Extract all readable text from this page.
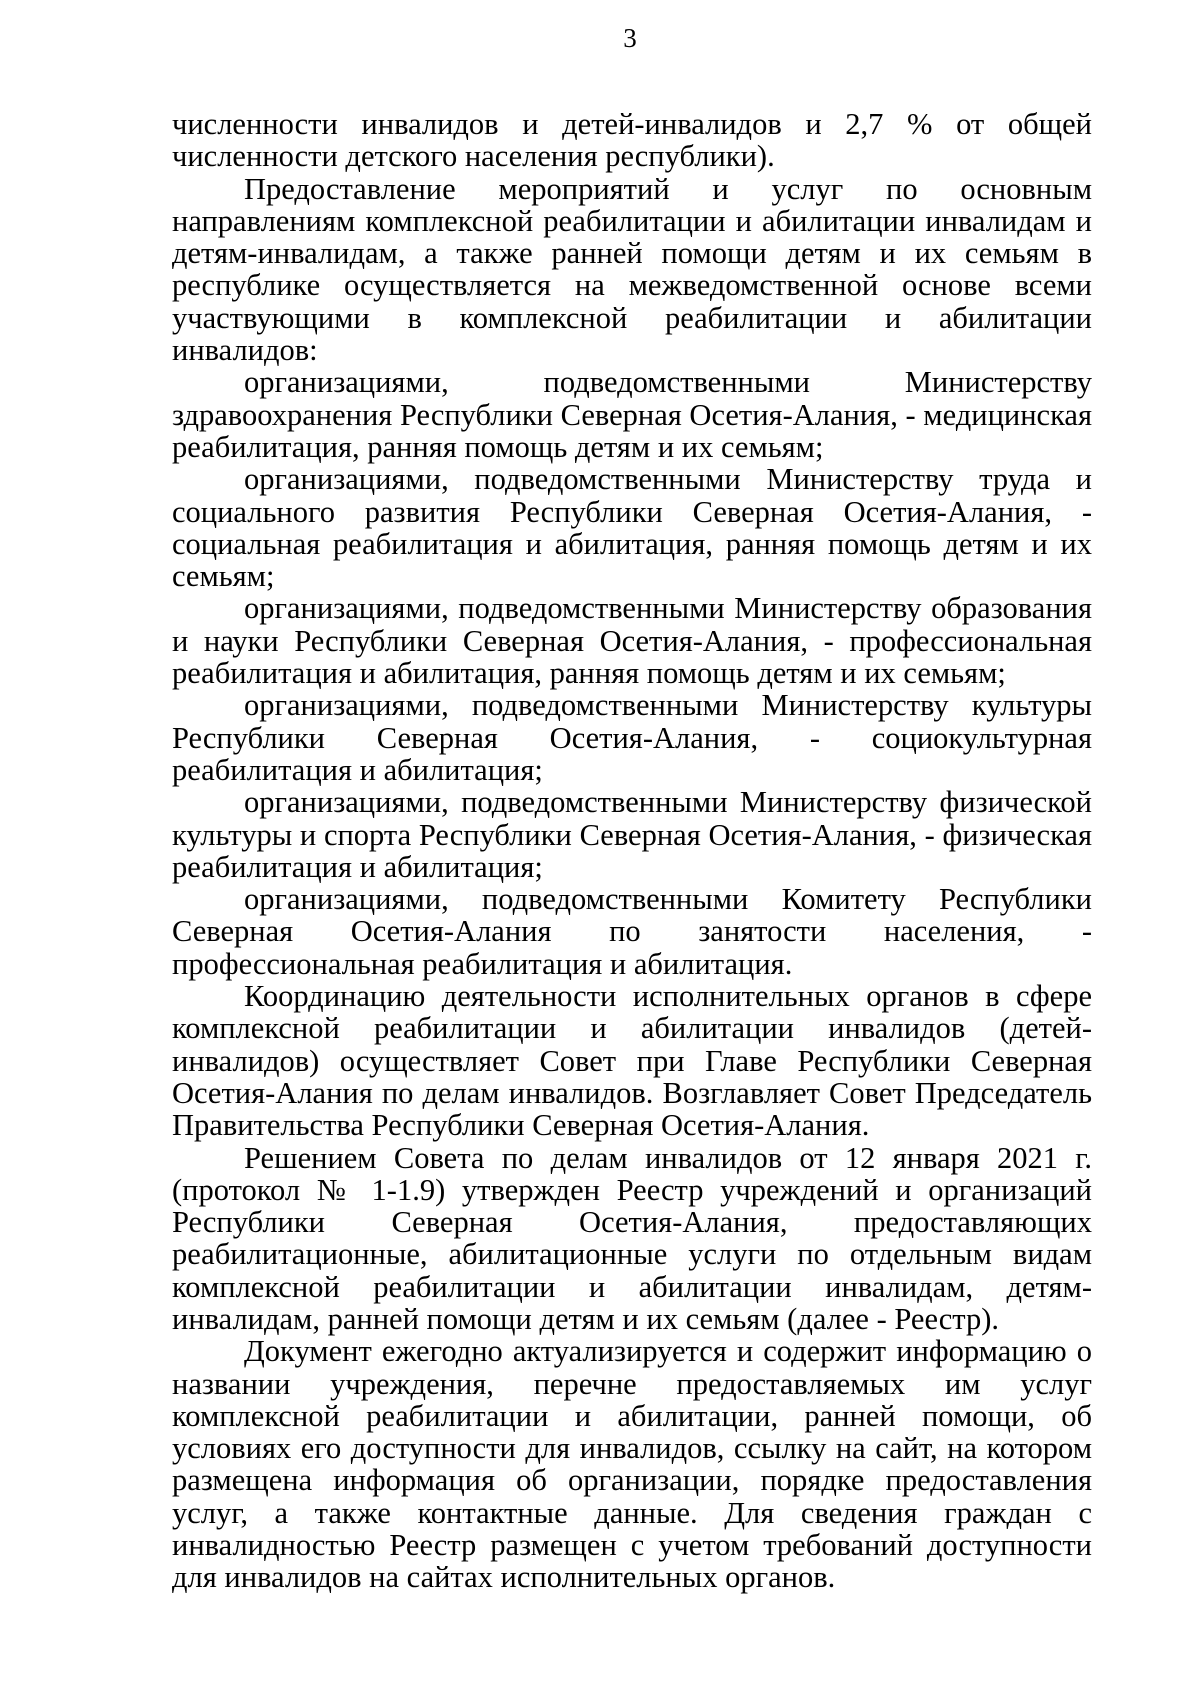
3

численности инвалидов и детей-инвалидов и 2,7 % от общей численности детского населения республики).

Предоставление мероприятий и услуг по основным направлениям комплексной реабилитации и абилитации инвалидам и детям-инвалидам, а также ранней помощи детям и их семьям в республике осуществляется на межведомственной основе всеми участвующими в комплексной реабилитации и абилитации инвалидов:

организациями, подведомственными Министерству здравоохранения Республики Северная Осетия-Алания, - медицинская реабилитация, ранняя помощь детям и их семьям;

организациями, подведомственными Министерству труда и социального развития Республики Северная Осетия-Алания, - социальная реабилитация и абилитация, ранняя помощь детям и их семьям;

организациями, подведомственными Министерству образования и науки Республики Северная Осетия-Алания, - профессиональная реабилитация и абилитация, ранняя помощь детям и их семьям;

организациями, подведомственными Министерству культуры Республики Северная Осетия-Алания, - социокультурная реабилитация и абилитация;

организациями, подведомственными Министерству физической культуры и спорта Республики Северная Осетия-Алания, - физическая реабилитация и абилитация;

организациями, подведомственными Комитету Республики Северная Осетия-Алания по занятости населения, - профессиональная реабилитация и абилитация.

Координацию деятельности исполнительных органов в сфере комплексной реабилитации и абилитации инвалидов (детей-инвалидов) осуществляет Совет при Главе Республики Северная Осетия-Алания по делам инвалидов. Возглавляет Совет Председатель Правительства Республики Северная Осетия-Алания.

Решением Совета по делам инвалидов от 12 января 2021 г. (протокол № 1-1.9) утвержден Реестр учреждений и организаций Республики Северная Осетия-Алания, предоставляющих реабилитационные, абилитационные услуги по отдельным видам комплексной реабилитации и абилитации инвалидам, детям-инвалидам, ранней помощи детям и их семьям (далее - Реестр).

Документ ежегодно актуализируется и содержит информацию о названии учреждения, перечне предоставляемых им услуг комплексной реабилитации и абилитации, ранней помощи, об условиях его доступности для инвалидов, ссылку на сайт, на котором размещена информация об организации, порядке предоставления услуг, а также контактные данные. Для сведения граждан с инвалидностью Реестр размещен с учетом требований доступности для инвалидов на сайтах исполнительных органов.
